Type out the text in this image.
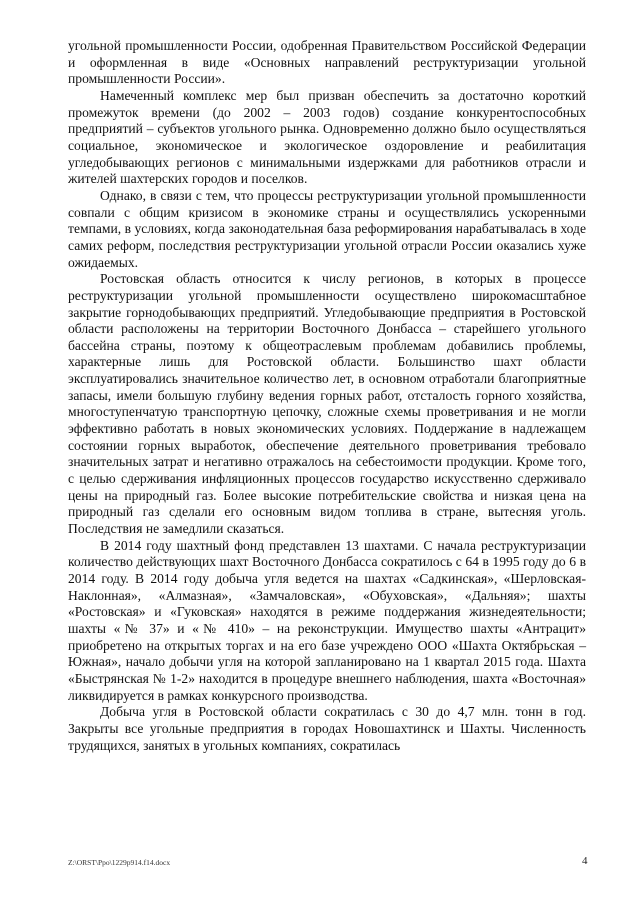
угольной промышленности России, одобренная Правительством Российской Федерации и оформленная в виде «Основных направлений реструктуризации угольной промышленности России».

Намеченный комплекс мер был призван обеспечить за достаточно короткий промежуток времени (до 2002 – 2003 годов) создание конкурентоспособных предприятий – субъектов угольного рынка. Одновременно должно было осуществляться социальное, экономическое и экологическое оздоровление и реабилитация угледобывающих регионов с минимальными издержками для работников отрасли и жителей шахтерских городов и поселков.

Однако, в связи с тем, что процессы реструктуризации угольной промышленности совпали с общим кризисом в экономике страны и осуществлялись ускоренными темпами, в условиях, когда законодательная база реформирования нарабатывалась в ходе самих реформ, последствия реструктуризации угольной отрасли России оказались хуже ожидаемых.

Ростовская область относится к числу регионов, в которых в процессе реструктуризации угольной промышленности осуществлено широкомасштабное закрытие горнодобывающих предприятий. Угледобывающие предприятия в Ростовской области расположены на территории Восточного Донбасса – старейшего угольного бассейна страны, поэтому к общеотраслевым проблемам добавились проблемы, характерные лишь для Ростовской области. Большинство шахт области эксплуатировались значительное количество лет, в основном отработали благоприятные запасы, имели большую глубину ведения горных работ, отсталость горного хозяйства, многоступенчатую транспортную цепочку, сложные схемы проветривания и не могли эффективно работать в новых экономических условиях. Поддержание в надлежащем состоянии горных выработок, обеспечение деятельного проветривания требовало значительных затрат и негативно отражалось на себестоимости продукции. Кроме того, с целью сдерживания инфляционных процессов государство искусственно сдерживало цены на природный газ. Более высокие потребительские свойства и низкая цена на природный газ сделали его основным видом топлива в стране, вытесняя уголь. Последствия не замедлили сказаться.

В 2014 году шахтный фонд представлен 13 шахтами. С начала реструктуризации количество действующих шахт Восточного Донбасса сократилось с 64 в 1995 году до 6 в 2014 году. В 2014 году добыча угля ведется на шахтах «Садкинская», «Шерловская-Наклонная», «Алмазная», «Замчаловская», «Обуховская», «Дальняя»; шахты «Ростовская» и «Гуковская» находятся в режиме поддержания жизнедеятельности; шахты «№ 37» и «№ 410» – на реконструкции. Имущество шахты «Антрацит» приобретено на открытых торгах и на его базе учреждено ООО «Шахта Октябрьская – Южная», начало добычи угля на которой запланировано на 1 квартал 2015 года. Шахта «Быстрянская № 1-2» находится в процедуре внешнего наблюдения, шахта «Восточная» ликвидируется в рамках конкурсного производства.

Добыча угля в Ростовской области сократилась с 30 до 4,7 млн. тонн в год. Закрыты все угольные предприятия в городах Новошахтинск и Шахты. Численность трудящихся, занятых в угольных компаниях, сократилась

Z:\ORST\Ppo\1229p914.f14.docx	4
